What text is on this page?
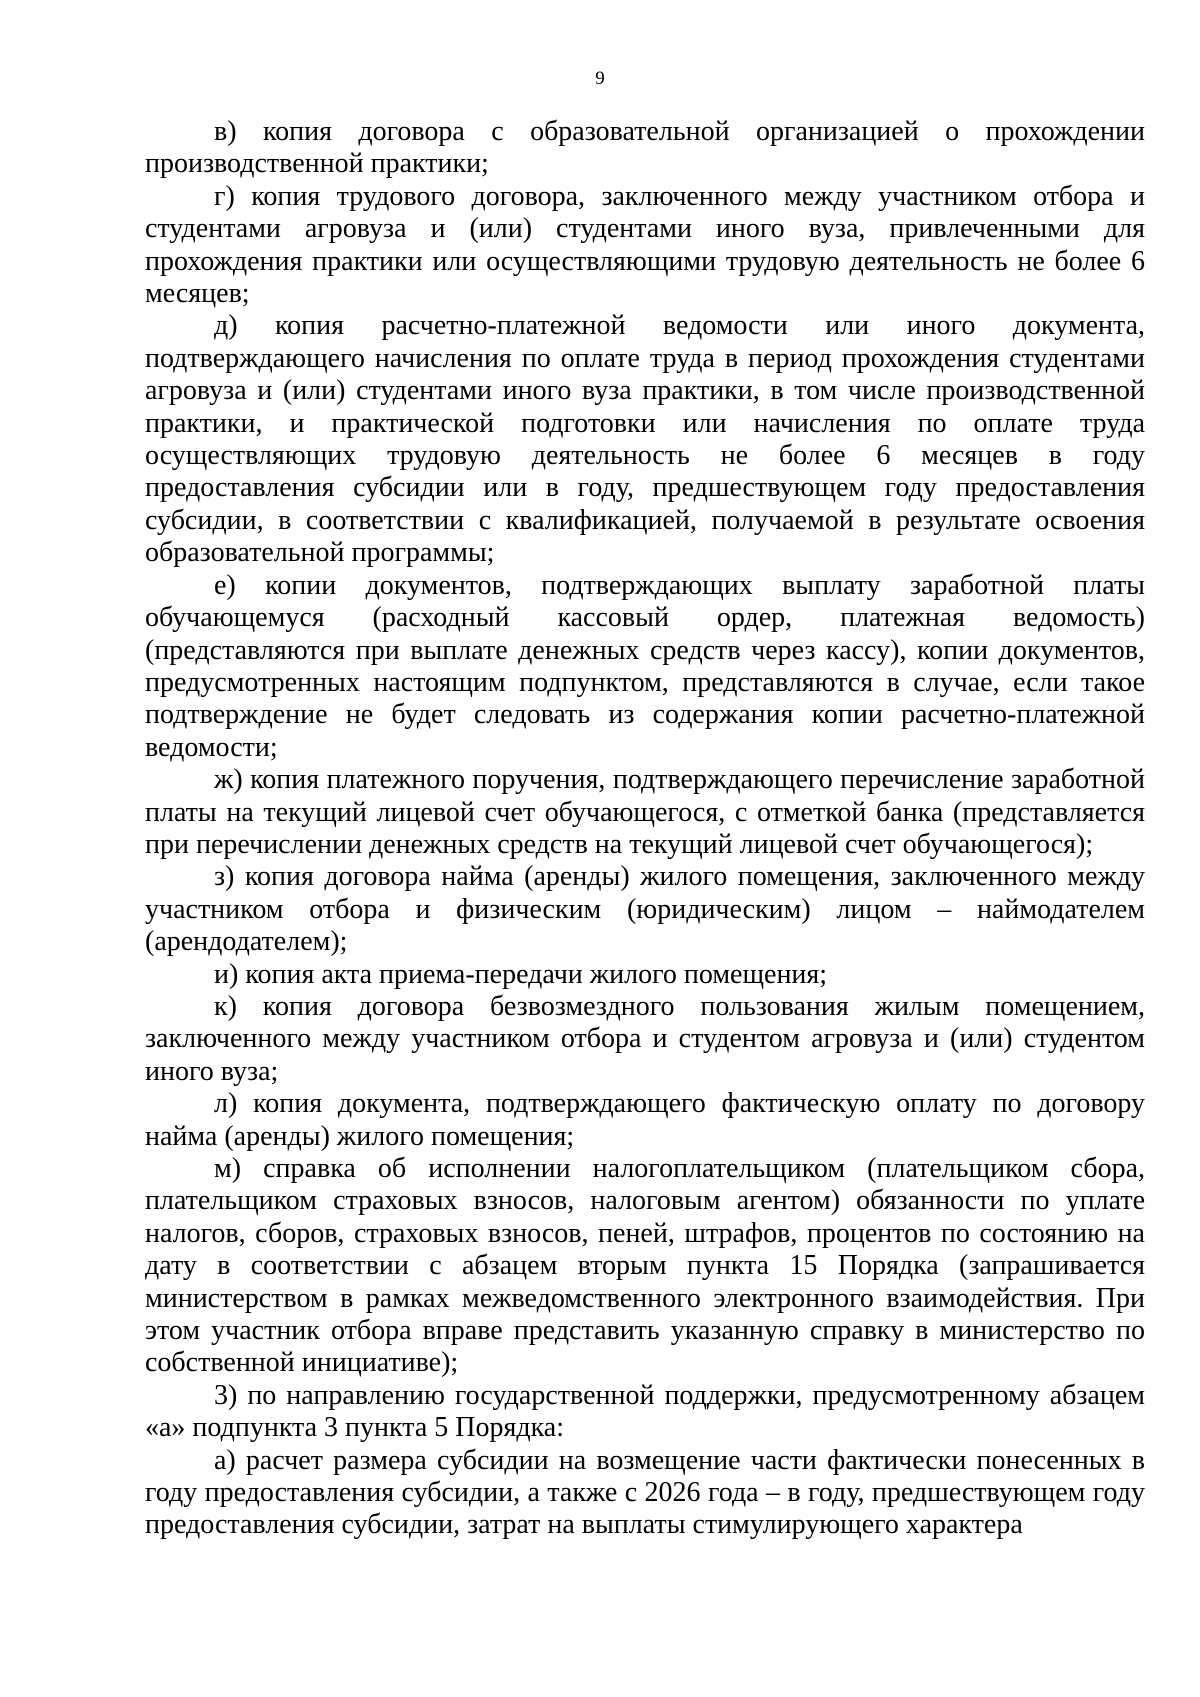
9

в) копия договора с образовательной организацией о прохождении производственной практики;

г) копия трудового договора, заключенного между участником отбора и студентами агровуза и (или) студентами иного вуза, привлеченными для прохождения практики или осуществляющими трудовую деятельность не более 6 месяцев;

д) копия расчетно-платежной ведомости или иного документа, подтверждающего начисления по оплате труда в период прохождения студентами агровуза и (или) студентами иного вуза практики, в том числе производственной практики, и практической подготовки или начисления по оплате труда осуществляющих трудовую деятельность не более 6 месяцев в году предоставления субсидии или в году, предшествующем году предоставления субсидии, в соответствии с квалификацией, получаемой в результате освоения образовательной программы;

е) копии документов, подтверждающих выплату заработной платы обучающемуся (расходный кассовый ордер, платежная ведомость) (представляются при выплате денежных средств через кассу), копии документов, предусмотренных настоящим подпунктом, представляются в случае, если такое подтверждение не будет следовать из содержания копии расчетно-платежной ведомости;

ж) копия платежного поручения, подтверждающего перечисление заработной платы на текущий лицевой счет обучающегося, с отметкой банка (представляется при перечислении денежных средств на текущий лицевой счет обучающегося);

з) копия договора найма (аренды) жилого помещения, заключенного между участником отбора и физическим (юридическим) лицом – наймодателем (арендодателем);

и) копия акта приема-передачи жилого помещения;

к) копия договора безвозмездного пользования жилым помещением, заключенного между участником отбора и студентом агровуза и (или) студентом иного вуза;

л) копия документа, подтверждающего фактическую оплату по договору найма (аренды) жилого помещения;

м) справка об исполнении налогоплательщиком (плательщиком сбора, плательщиком страховых взносов, налоговым агентом) обязанности по уплате налогов, сборов, страховых взносов, пеней, штрафов, процентов по состоянию на дату в соответствии с абзацем вторым пункта 15 Порядка (запрашивается министерством в рамках межведомственного электронного взаимодействия. При этом участник отбора вправе представить указанную справку в министерство по собственной инициативе);

3) по направлению государственной поддержки, предусмотренному абзацем «а» подпункта 3 пункта 5 Порядка:

а) расчет размера субсидии на возмещение части фактически понесенных в году предоставления субсидии, а также с 2026 года – в году, предшествующем году предоставления субсидии, затрат на выплаты стимулирующего характера
